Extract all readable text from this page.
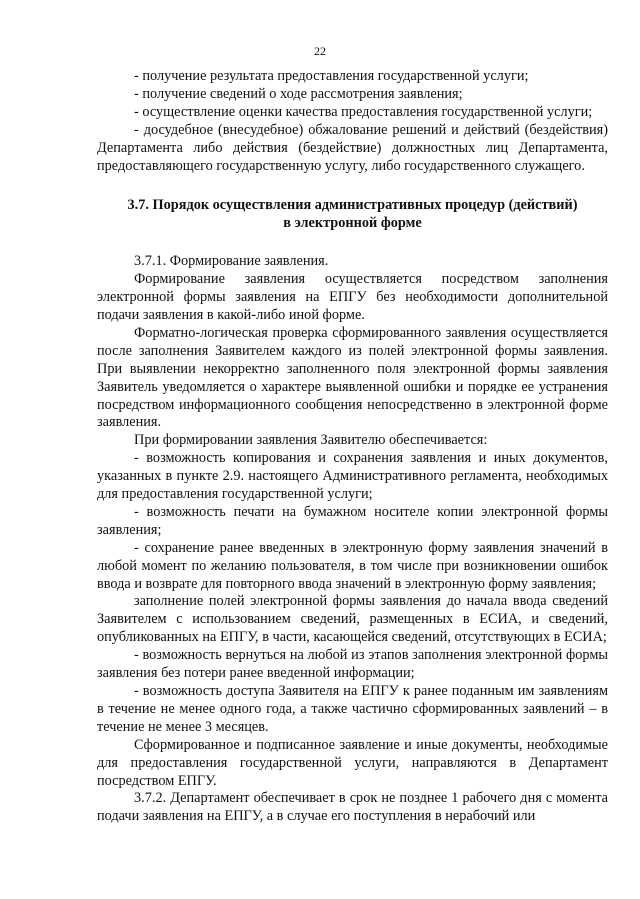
22

- получение результата предоставления государственной услуги;

- получение сведений о ходе рассмотрения заявления;

- осуществление оценки качества предоставления государственной услуги;

- досудебное (внесудебное) обжалование решений и действий (бездействия) Департамента либо действия (бездействие) должностных лиц Департамента, предоставляющего государственную услугу, либо государственного служащего.

3.7. Порядок осуществления административных процедур (действий)
в электронной форме

3.7.1. Формирование заявления.

Формирование заявления осуществляется посредством заполнения электронной формы заявления на ЕПГУ без необходимости дополнительной подачи заявления в какой-либо иной форме.

Форматно-логическая проверка сформированного заявления осуществляется после заполнения Заявителем каждого из полей электронной формы заявления. При выявлении некорректно заполненного поля электронной формы заявления Заявитель уведомляется о характере выявленной ошибки и порядке ее устранения посредством информационного сообщения непосредственно в электронной форме заявления.

При формировании заявления Заявителю обеспечивается:

- возможность копирования и сохранения заявления и иных документов, указанных в пункте 2.9. настоящего Административного регламента, необходимых для предоставления государственной услуги;

- возможность печати на бумажном носителе копии электронной формы заявления;

- сохранение ранее введенных в электронную форму заявления значений в любой момент по желанию пользователя, в том числе при возникновении ошибок ввода и возврате для повторного ввода значений в электронную форму заявления;

заполнение полей электронной формы заявления до начала ввода сведений Заявителем с использованием сведений, размещенных в ЕСИА, и сведений, опубликованных на ЕПГУ, в части, касающейся сведений, отсутствующих в ЕСИА;

- возможность вернуться на любой из этапов заполнения электронной формы заявления без потери ранее введенной информации;

- возможность доступа Заявителя на ЕПГУ к ранее поданным им заявлениям в течение не менее одного года, а также частично сформированных заявлений – в течение не менее 3 месяцев.

Сформированное и подписанное заявление и иные документы, необходимые для предоставления государственной услуги, направляются в Департамент посредством ЕПГУ.

3.7.2. Департамент обеспечивает в срок не позднее 1 рабочего дня с момента подачи заявления на ЕПГУ, а в случае его поступления в нерабочий или
